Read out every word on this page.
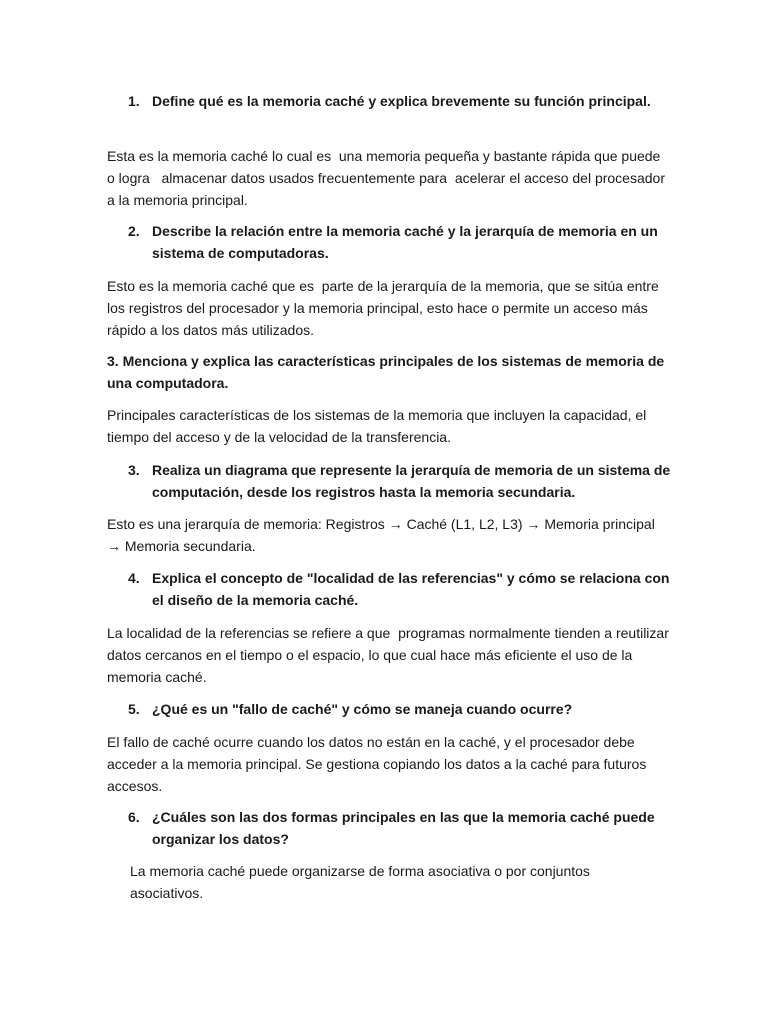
1. Define qué es la memoria caché y explica brevemente su función principal.
Esta es la memoria caché lo cual es  una memoria pequeña y bastante rápida que puede o logra   almacenar datos usados frecuentemente para  acelerar el acceso del procesador a la memoria principal.
2. Describe la relación entre la memoria caché y la jerarquía de memoria en un sistema de computadoras.
Esto es la memoria caché que es  parte de la jerarquía de la memoria, que se sitúa entre los registros del procesador y la memoria principal, esto hace o permite un acceso más rápido a los datos más utilizados.
3. Menciona y explica las características principales de los sistemas de memoria de una computadora.
Principales características de los sistemas de la memoria que incluyen la capacidad, el tiempo del acceso y de la velocidad de la transferencia.
3. Realiza un diagrama que represente la jerarquía de memoria de un sistema de computación, desde los registros hasta la memoria secundaria.
Esto es una jerarquía de memoria: Registros → Caché (L1, L2, L3) → Memoria principal → Memoria secundaria.
4. Explica el concepto de "localidad de las referencias" y cómo se relaciona con el diseño de la memoria caché.
La localidad de la referencias se refiere a que  programas normalmente tienden a reutilizar datos cercanos en el tiempo o el espacio, lo que cual hace más eficiente el uso de la memoria caché.
5. ¿Qué es un "fallo de caché" y cómo se maneja cuando ocurre?
El fallo de caché ocurre cuando los datos no están en la caché, y el procesador debe acceder a la memoria principal. Se gestiona copiando los datos a la caché para futuros accesos.
6. ¿Cuáles son las dos formas principales en las que la memoria caché puede organizar los datos?
La memoria caché puede organizarse de forma asociativa o por conjuntos asociativos.
